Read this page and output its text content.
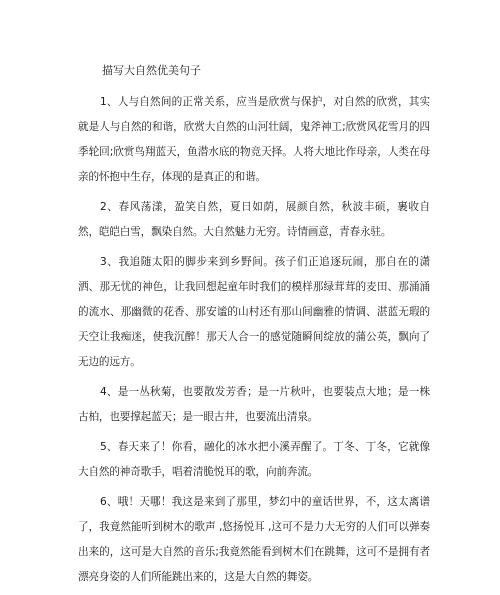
描写大自然优美句子

1、人与自然间的正常关系，应当是欣赏与保护，对自然的欣赏，其实就是人与自然的和谐，欣赏大自然的山河壮阔，鬼斧神工;欣赏风花雪月的四季轮回;欣赏鸟翔蓝天，鱼潜水底的物竞天择。人将大地比作母亲，人类在母亲的怀抱中生存，体现的是真正的和谐。

2、春风荡漾，盈笑自然，夏日如荫，展颜自然，秋波丰硕，裹收自然，皑皑白雪，飘染自然。大自然魅力无穷。诗情画意，青春永驻。

3、我追随太阳的脚步来到乡野间。孩子们正追逐玩闹，那自在的潇洒、那无忧的神色，让我回想起童年时我们的模样那绿茸茸的麦田、那涌涌的流水、那幽微的花香、那安谧的山村还有那山间幽雅的情调、湛蓝无瑕的天空让我痴迷，使我沉醉！那天人合一的感觉随瞬间绽放的蒲公英，飘向了无边的远方。

4、是一丛秋菊，也要散发芳香；是一片秋叶，也要装点大地；是一株古柏，也要撑起蓝天；是一眼古井，也要流出清泉。

5、春天来了！你看，融化的冰水把小溪弄醒了。丁冬、丁冬，它就像大自然的神奇歌手，唱着清脆悦耳的歌，向前奔流。

6、哦！天哪！我这是来到了那里，梦幻中的童话世界，不，这太离谱了，我竟然能听到树木的歌声 ,悠扬悦耳 ,这可不是力大无穷的人们可以弹奏出来的，这可是大自然的音乐;我竟然能看到树木们在跳舞，这可不是拥有者漂亮身姿的人们所能跳出来的，这是大自然的舞姿。
